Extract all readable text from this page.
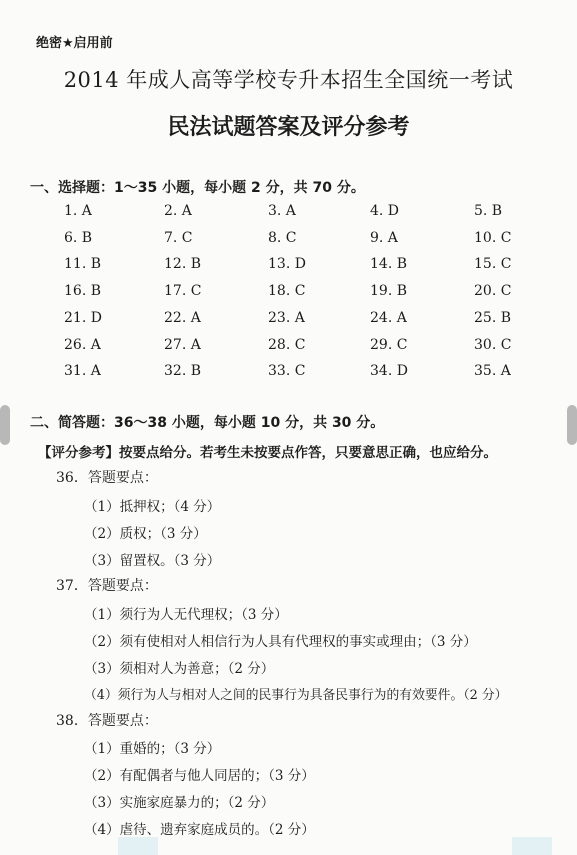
绝密★启用前
2014 年成人高等学校专升本招生全国统一考试
民法试题答案及评分参考
一、选择题：1～35 小题，每小题 2 分，共 70 分。
1. A	2. A	3. A	4. D	5. B
6. B	7. C	8. C	9. A	10. C
11. B	12. B	13. D	14. B	15. C
16. B	17. C	18. C	19. B	20. C
21. D	22. A	23. A	24. A	25. B
26. A	27. A	28. C	29. C	30. C
31. A	32. B	33. C	34. D	35. A
二、简答题：36～38 小题，每小题 10 分，共 30 分。
【评分参考】按要点给分。若考生未按要点作答，只要意思正确，也应给分。
36．答题要点：
（1）抵押权；（4 分）
（2）质权；（3 分）
（3）留置权。（3 分）
37．答题要点：
（1）须行为人无代理权；（3 分）
（2）须有使相对人相信行为人具有代理权的事实或理由；（3 分）
（3）须相对人为善意；（2 分）
（4）须行为人与相对人之间的民事行为具备民事行为的有效要件。（2 分）
38．答题要点：
（1）重婚的；（3 分）
（2）有配偶者与他人同居的；（3 分）
（3）实施家庭暴力的；（2 分）
（4）虐待、遗弃家庭成员的。（2 分）
